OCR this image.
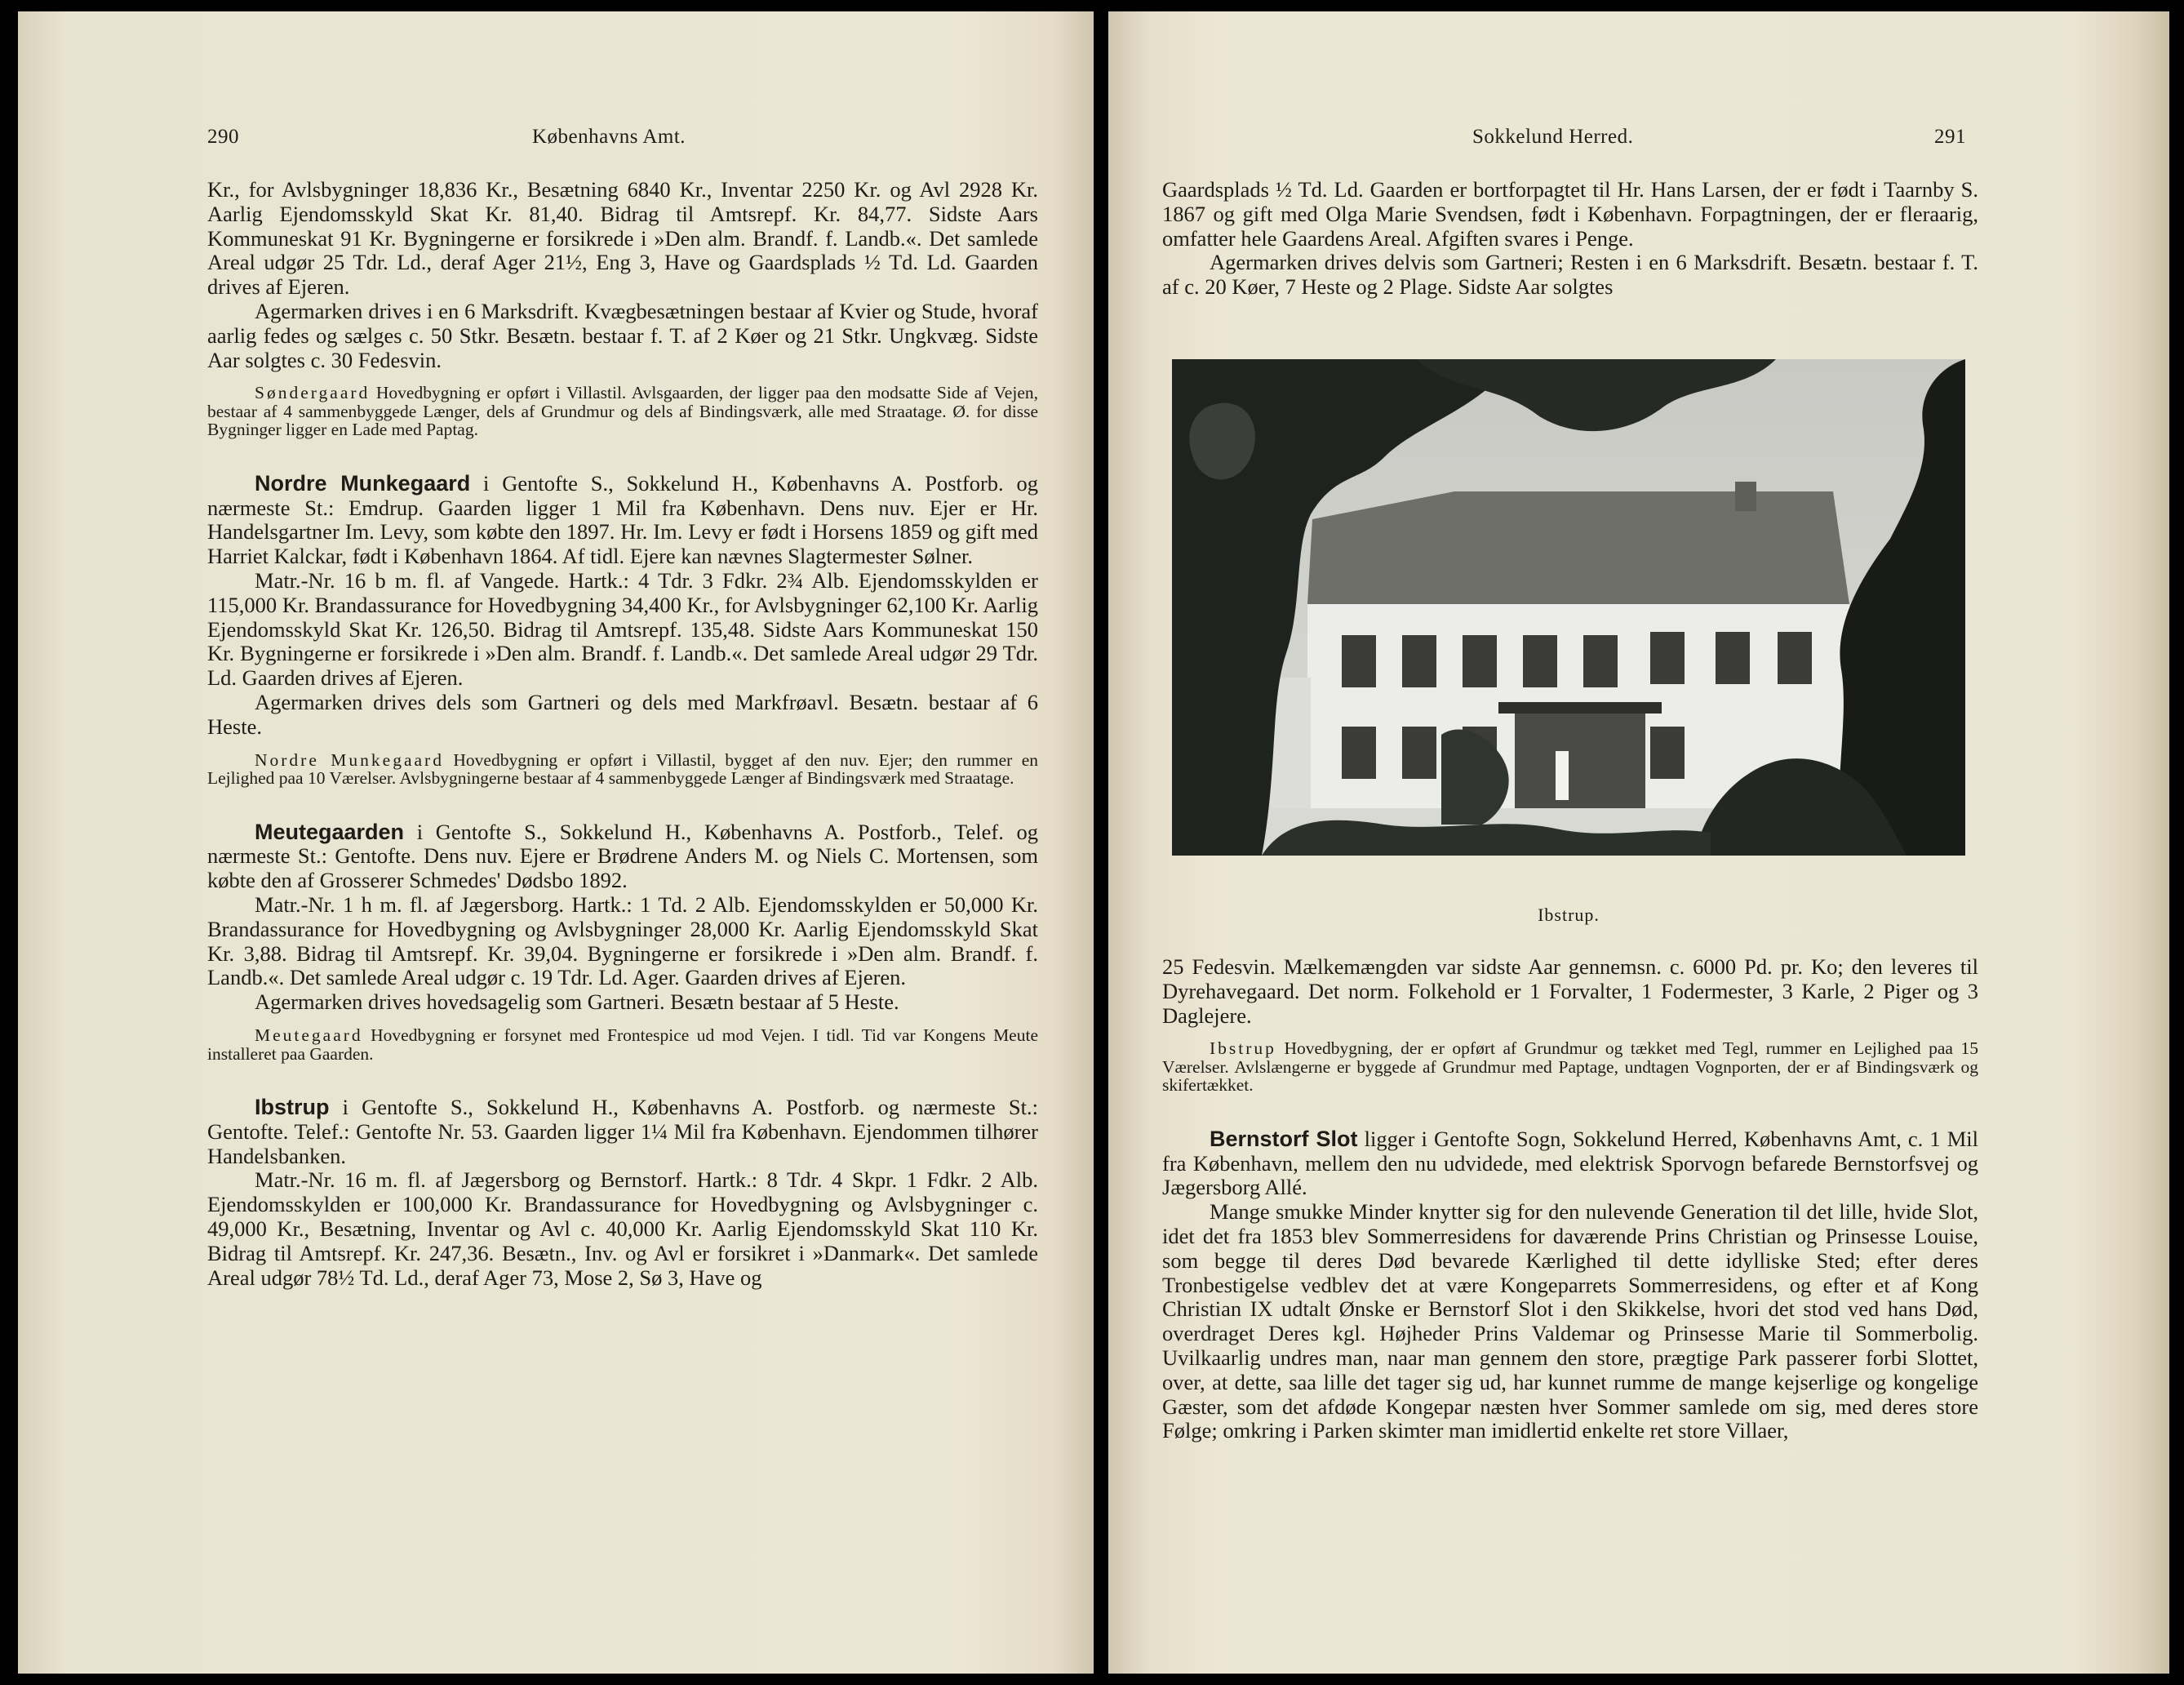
290	Københavns Amt.

Kr., for Avlsbygninger 18,836 Kr., Besætning 6840 Kr., Inventar 2250 Kr. og Avl 2928 Kr. Aarlig Ejendomsskyld Skat Kr. 81,40. Bidrag til Amtsrepf. Kr. 84,77. Sidste Aars Kommuneskat 91 Kr. Bygningerne er forsikrede i »Den alm. Brandf. f. Landb.«. Det samlede Areal udgør 25 Tdr. Ld., deraf Ager 21½, Eng 3, Have og Gaardsplads ½ Td. Ld. Gaarden drives af Ejeren.

Agermarken drives i en 6 Marksdrift. Kvægbesætningen bestaar af Kvier og Stude, hvoraf aarlig fedes og sælges c. 50 Stkr. Besætn. bestaar f. T. af 2 Køer og 21 Stkr. Ungkvæg. Sidste Aar solgtes c. 30 Fedesvin.

Søndergaard Hovedbygning er opført i Villastil. Avlsgaarden, der ligger paa den modsatte Side af Vejen, bestaar af 4 sammenbyggede Længer, dels af Grundmur og dels af Bindingsværk, alle med Straatage. Ø. for disse Bygninger ligger en Lade med Paptag.

Nordre Munkegaard i Gentofte S., Sokkelund H., Københavns A. Postforb. og nærmeste St.: Emdrup. Gaarden ligger 1 Mil fra København. Dens nuv. Ejer er Hr. Handelsgartner Im. Levy, som købte den 1897. Hr. Im. Levy er født i Horsens 1859 og gift med Harriet Kalckar, født i København 1864. Af tidl. Ejere kan nævnes Slagtermester Sølner.

Matr.-Nr. 16 b m. fl. af Vangede. Hartk.: 4 Tdr. 3 Fdkr. 2¾ Alb. Ejendomsskylden er 115,000 Kr. Brandassurance for Hovedbygning 34,400 Kr., for Avlsbygninger 62,100 Kr. Aarlig Ejendomsskyld Skat Kr. 126,50. Bidrag til Amtsrepf. 135,48. Sidste Aars Kommuneskat 150 Kr. Bygningerne er forsikrede i »Den alm. Brandf. f. Landb.«. Det samlede Areal udgør 29 Tdr. Ld. Gaarden drives af Ejeren.

Agermarken drives dels som Gartneri og dels med Markfrøavl. Besætn. bestaar af 6 Heste.

Nordre Munkegaard Hovedbygning er opført i Villastil, bygget af den nuv. Ejer; den rummer en Lejlighed paa 10 Værelser. Avlsbygningerne bestaar af 4 sammenbyggede Længer af Bindingsværk med Straatage.

Meutegaarden i Gentofte S., Sokkelund H., Københavns A. Postforb., Telef. og nærmeste St.: Gentofte. Dens nuv. Ejere er Brødrene Anders M. og Niels C. Mortensen, som købte den af Grosserer Schmedes' Dødsbo 1892.

Matr.-Nr. 1 h m. fl. af Jægersborg. Hartk.: 1 Td. 2 Alb. Ejendomsskylden er 50,000 Kr. Brandassurance for Hovedbygning og Avlsbygninger 28,000 Kr. Aarlig Ejendomsskyld Skat Kr. 3,88. Bidrag til Amtsrepf. Kr. 39,04. Bygningerne er forsikrede i »Den alm. Brandf. f. Landb.«. Det samlede Areal udgør c. 19 Tdr. Ld. Ager. Gaarden drives af Ejeren.

Agermarken drives hovedsagelig som Gartneri. Besætn bestaar af 5 Heste.

Meutegaard Hovedbygning er forsynet med Frontespice ud mod Vejen. I tidl. Tid var Kongens Meute installeret paa Gaarden.

Ibstrup i Gentofte S., Sokkelund H., Københavns A. Postforb. og nærmeste St.: Gentofte. Telef.: Gentofte Nr. 53. Gaarden ligger 1¼ Mil fra København. Ejendommen tilhører Handelsbanken.

Matr.-Nr. 16 m. fl. af Jægersborg og Bernstorf. Hartk.: 8 Tdr. 4 Skpr. 1 Fdkr. 2 Alb. Ejendomsskylden er 100,000 Kr. Brandassurance for Hovedbygning og Avlsbygninger c. 49,000 Kr., Besætning, Inventar og Avl c. 40,000 Kr. Aarlig Ejendomsskyld Skat 110 Kr. Bidrag til Amtsrepf. Kr. 247,36. Besætn., Inv. og Avl er forsikret i »Danmark«. Det samlede Areal udgør 78½ Td. Ld., deraf Ager 73, Mose 2, Sø 3, Have og

Sokkelund Herred.	291

Gaardsplads ½ Td. Ld. Gaarden er bortforpagtet til Hr. Hans Larsen, der er født i Taarnby S. 1867 og gift med Olga Marie Svendsen, født i København. Forpagtningen, der er fleraarig, omfatter hele Gaardens Areal. Afgiften svares i Penge.

Agermarken drives delvis som Gartneri; Resten i en 6 Marksdrift. Besætn. bestaar f. T. af c. 20 Køer, 7 Heste og 2 Plage. Sidste Aar solgtes

Ibstrup.

25 Fedesvin. Mælkemængden var sidste Aar gennemsn. c. 6000 Pd. pr. Ko; den leveres til Dyrehavegaard. Det norm. Folkehold er 1 Forvalter, 1 Fodermester, 3 Karle, 2 Piger og 3 Daglejere.

Ibstrup Hovedbygning, der er opført af Grundmur og tækket med Tegl, rummer en Lejlighed paa 15 Værelser. Avlslængerne er byggede af Grundmur med Paptage, undtagen Vognporten, der er af Bindingsværk og skifertækket.

Bernstorf Slot ligger i Gentofte Sogn, Sokkelund Herred, Københavns Amt, c. 1 Mil fra København, mellem den nu udvidede, med elektrisk Sporvogn befarede Bernstorfsvej og Jægersborg Allé.

Mange smukke Minder knytter sig for den nulevende Generation til det lille, hvide Slot, idet det fra 1853 blev Sommerresidens for daværende Prins Christian og Prinsesse Louise, som begge til deres Død bevarede Kærlighed til dette idylliske Sted; efter deres Tronbestigelse vedblev det at være Kongeparrets Sommerresidens, og efter et af Kong Christian IX udtalt Ønske er Bernstorf Slot i den Skikkelse, hvori det stod ved hans Død, overdraget Deres kgl. Højheder Prins Valdemar og Prinsesse Marie til Sommerbolig. Uvilkaarlig undres man, naar man gennem den store, prægtige Park passerer forbi Slottet, over, at dette, saa lille det tager sig ud, har kunnet rumme de mange kejserlige og kongelige Gæster, som det afdøde Kongepar næsten hver Sommer samlede om sig, med deres store Følge; omkring i Parken skimter man imidlertid enkelte ret store Villaer,
